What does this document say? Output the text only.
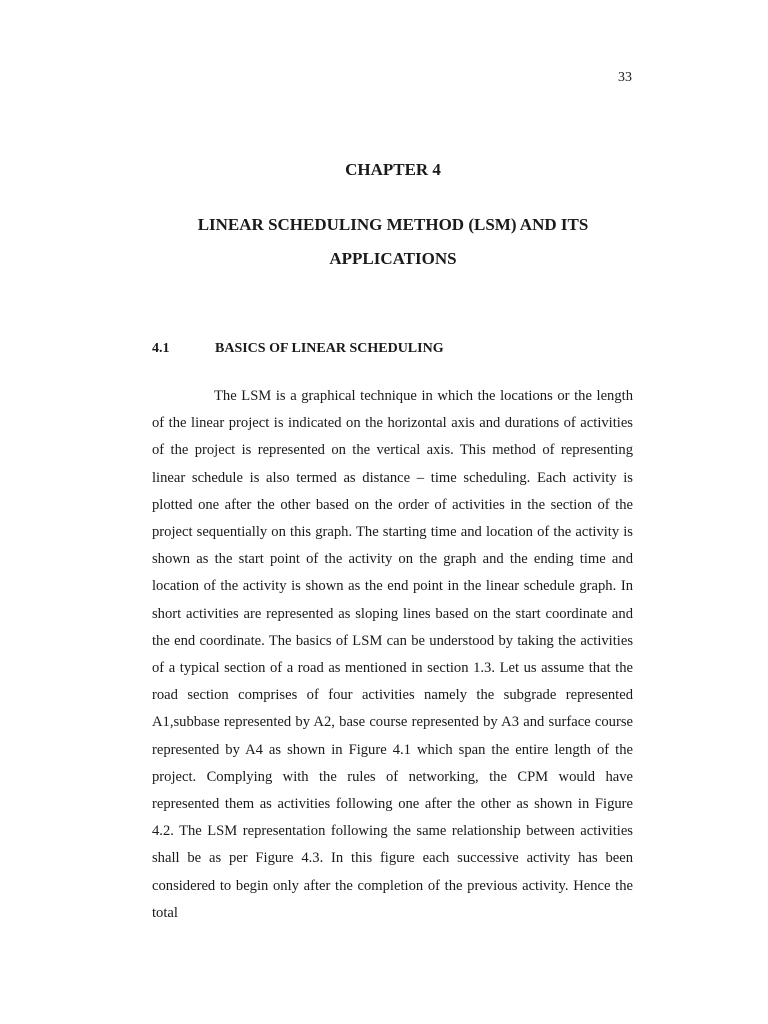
33
CHAPTER 4
LINEAR SCHEDULING METHOD (LSM) AND ITS
APPLICATIONS
4.1	BASICS OF LINEAR SCHEDULING

The LSM is a graphical technique in which the locations or the length of the linear project is indicated on the horizontal axis and durations of activities of the project is represented on the vertical axis. This method of representing linear schedule is also termed as distance – time scheduling. Each activity is plotted one after the other based on the order of activities in the section of the project sequentially on this graph. The starting time and location of the activity is shown as the start point of the activity on the graph and the ending time and location of the activity is shown as the end point in the linear schedule graph. In short activities are represented as sloping lines based on the start coordinate and the end coordinate. The basics of LSM can be understood by taking the activities of a typical section of a road as mentioned in section 1.3. Let us assume that the road section comprises of four activities namely the subgrade represented A1,subbase represented by A2, base course represented by A3 and surface course represented by A4 as shown in Figure 4.1 which span the entire length of the project. Complying with the rules of networking, the CPM would have represented them as activities following one after the other as shown in Figure 4.2. The LSM representation following the same relationship between activities shall be as per Figure 4.3. In this figure each successive activity has been considered to begin only after the completion of the previous activity. Hence the total
